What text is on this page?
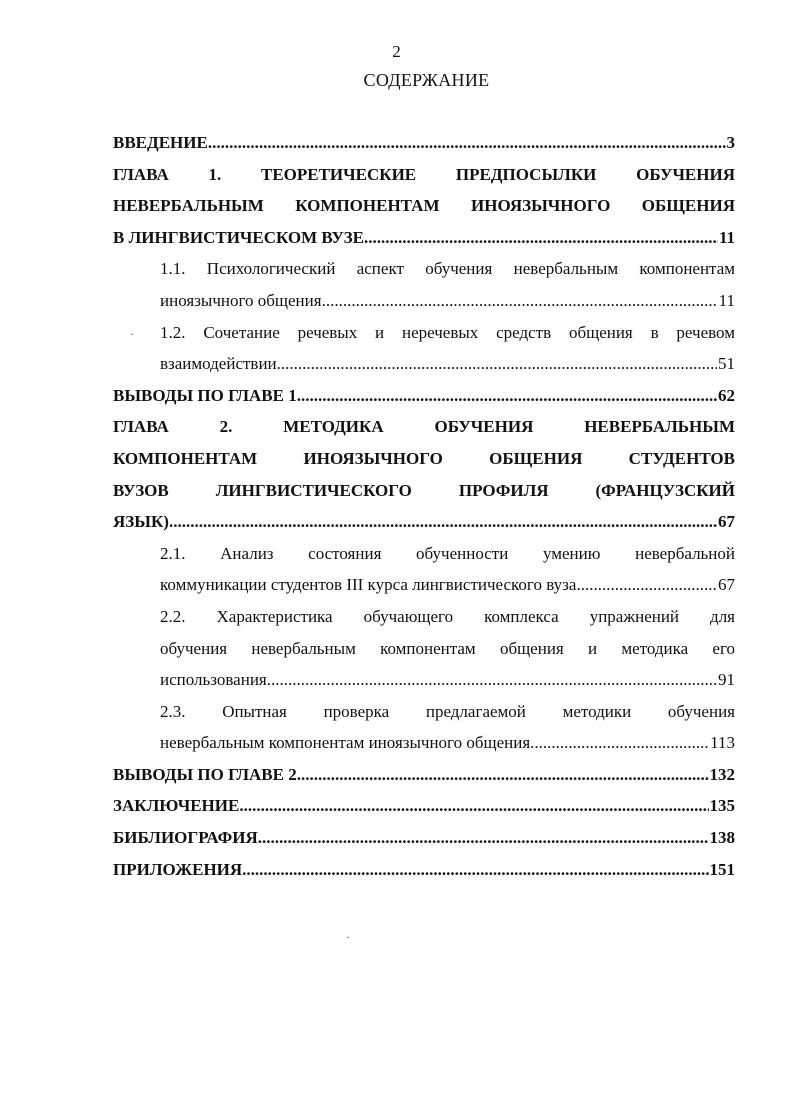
2
СОДЕРЖАНИЕ
ВВЕДЕНИЕ .....	3
ГЛАВА 1. ТЕОРЕТИЧЕСКИЕ ПРЕДПОСЫЛКИ ОБУЧЕНИЯ
НЕВЕРБАЛЬНЫМ КОМПОНЕНТАМ ИНОЯЗЫЧНОГО ОБЩЕНИЯ
В ЛИНГВИСТИЧЕСКОМ ВУЗЕ .....	11
1.1. Психологический аспект обучения невербальным компонентам
иноязычного общения .....	11
1.2. Сочетание речевых и неречевых средств общения в речевом
взаимодействии .....	51
ВЫВОДЫ ПО ГЛАВЕ 1 .....	62
ГЛАВА 2. МЕТОДИКА ОБУЧЕНИЯ НЕВЕРБАЛЬНЫМ
КОМПОНЕНТАМ ИНОЯЗЫЧНОГО ОБЩЕНИЯ СТУДЕНТОВ
ВУЗОВ ЛИНГВИСТИЧЕСКОГО ПРОФИЛЯ (ФРАНЦУЗСКИЙ
ЯЗЫК) .....	67
2.1. Анализ состояния обученности умению невербальной
коммуникации студентов III курса лингвистического вуза .....	67
2.2. Характеристика обучающего комплекса упражнений для
обучения невербальным компонентам общения и методика его
использования .....	91
2.3. Опытная проверка предлагаемой методики обучения
невербальным компонентам иноязычного общения .....	113
ВЫВОДЫ ПО ГЛАВЕ 2 .....	132
ЗАКЛЮЧЕНИЕ .....	135
БИБЛИОГРАФИЯ .....	138
ПРИЛОЖЕНИЯ .....	151
·
·
